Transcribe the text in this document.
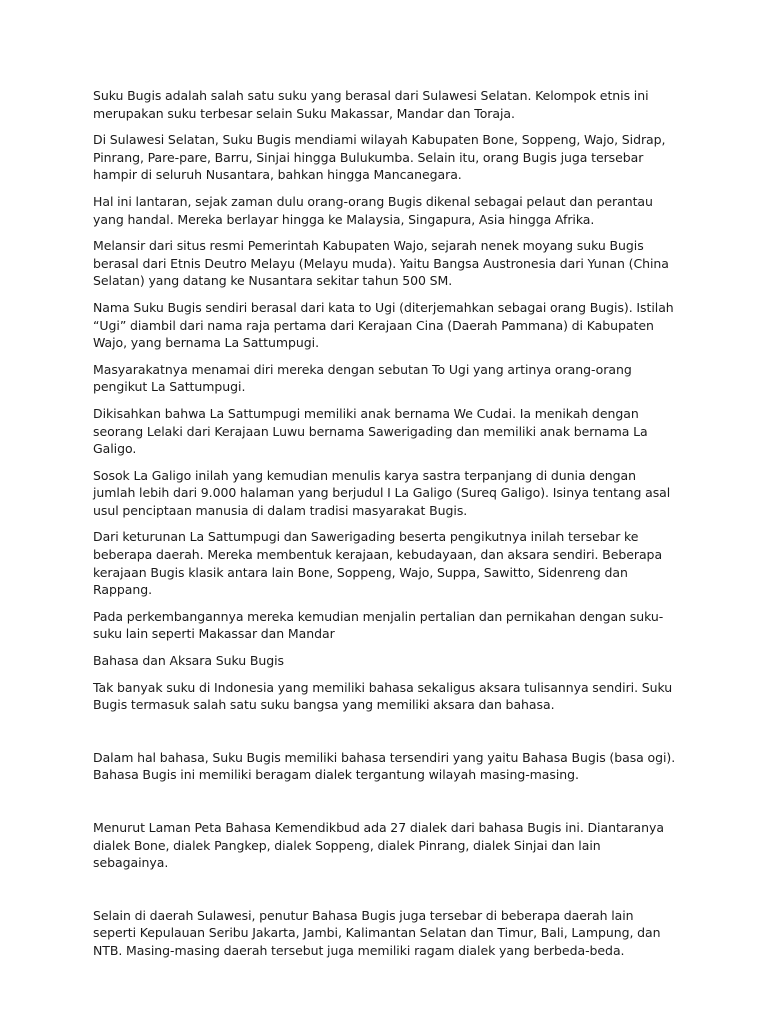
Suku Bugis adalah salah satu suku yang berasal dari Sulawesi Selatan. Kelompok etnis ini merupakan suku terbesar selain Suku Makassar, Mandar dan Toraja.

Di Sulawesi Selatan, Suku Bugis mendiami wilayah Kabupaten Bone, Soppeng, Wajo, Sidrap, Pinrang, Pare-pare, Barru, Sinjai hingga Bulukumba. Selain itu, orang Bugis juga tersebar hampir di seluruh Nusantara, bahkan hingga Mancanegara.

Hal ini lantaran, sejak zaman dulu orang-orang Bugis dikenal sebagai pelaut dan perantau yang handal. Mereka berlayar hingga ke Malaysia, Singapura, Asia hingga Afrika.

Melansir dari situs resmi Pemerintah Kabupaten Wajo, sejarah nenek moyang suku Bugis berasal dari Etnis Deutro Melayu (Melayu muda). Yaitu Bangsa Austronesia dari Yunan (China Selatan) yang datang ke Nusantara sekitar tahun 500 SM.

Nama Suku Bugis sendiri berasal dari kata to Ugi (diterjemahkan sebagai orang Bugis). Istilah “Ugi” diambil dari nama raja pertama dari Kerajaan Cina (Daerah Pammana) di Kabupaten Wajo, yang bernama La Sattumpugi.

Masyarakatnya menamai diri mereka dengan sebutan To Ugi yang artinya orang-orang pengikut La Sattumpugi.

Dikisahkan bahwa La Sattumpugi memiliki anak bernama We Cudai. Ia menikah dengan seorang Lelaki dari Kerajaan Luwu bernama Sawerigading dan memiliki anak bernama La Galigo.

Sosok La Galigo inilah yang kemudian menulis karya sastra terpanjang di dunia dengan jumlah lebih dari 9.000 halaman yang berjudul I La Galigo (Sureq Galigo). Isinya tentang asal usul penciptaan manusia di dalam tradisi masyarakat Bugis.

Dari keturunan La Sattumpugi dan Sawerigading beserta pengikutnya inilah tersebar ke beberapa daerah. Mereka membentuk kerajaan, kebudayaan, dan aksara sendiri. Beberapa kerajaan Bugis klasik antara lain Bone, Soppeng, Wajo, Suppa, Sawitto, Sidenreng dan Rappang.

Pada perkembangannya mereka kemudian menjalin pertalian dan pernikahan dengan suku-suku lain seperti Makassar dan Mandar

Bahasa dan Aksara Suku Bugis

Tak banyak suku di Indonesia yang memiliki bahasa sekaligus aksara tulisannya sendiri. Suku Bugis termasuk salah satu suku bangsa yang memiliki aksara dan bahasa.

Dalam hal bahasa, Suku Bugis memiliki bahasa tersendiri yang yaitu Bahasa Bugis (basa ogi). Bahasa Bugis ini memiliki beragam dialek tergantung wilayah masing-masing.

Menurut Laman Peta Bahasa Kemendikbud ada 27 dialek dari bahasa Bugis ini. Diantaranya dialek Bone, dialek Pangkep, dialek Soppeng, dialek Pinrang, dialek Sinjai dan lain sebagainya.

Selain di daerah Sulawesi, penutur Bahasa Bugis juga tersebar di beberapa daerah lain seperti Kepulauan Seribu Jakarta, Jambi, Kalimantan Selatan dan Timur, Bali, Lampung, dan NTB. Masing-masing daerah tersebut juga memiliki ragam dialek yang berbeda-beda.
